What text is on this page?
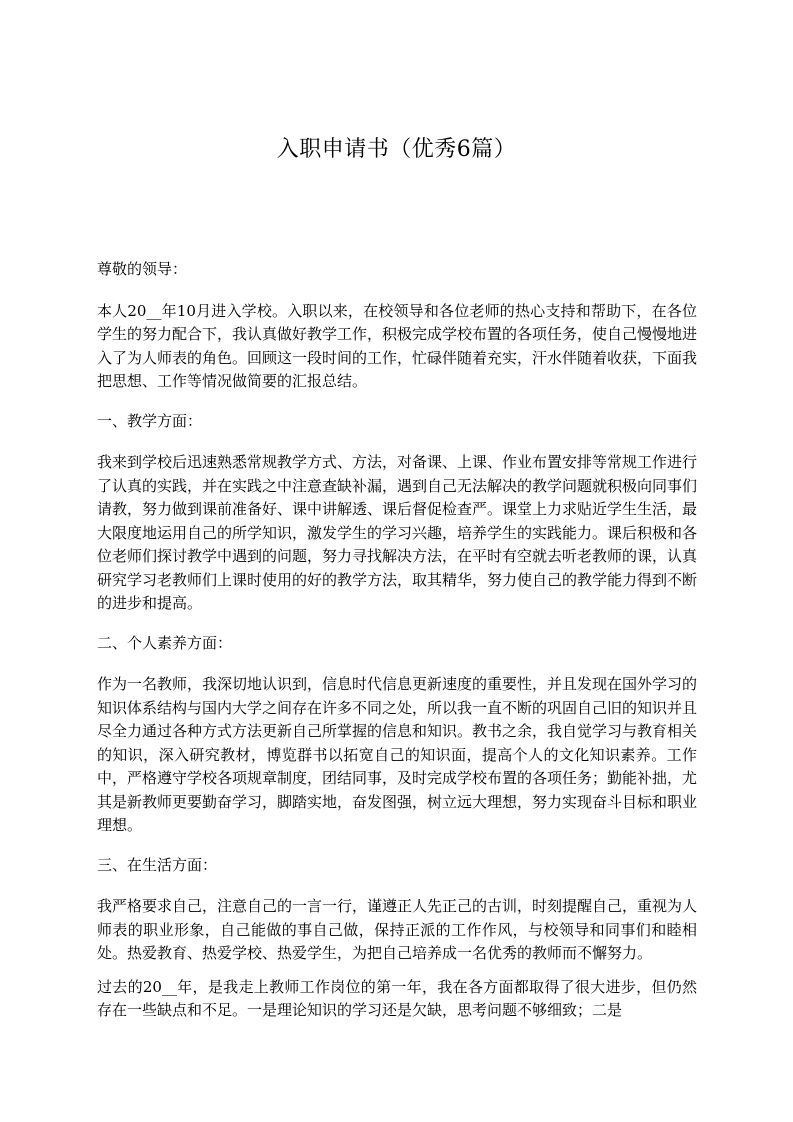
入职申请书（优秀6篇）

尊敬的领导：

本人20__年10月进入学校。入职以来，在校领导和各位老师的热心支持和帮助下，在各位学生的努力配合下，我认真做好教学工作，积极完成学校布置的各项任务，使自己慢慢地进入了为人师表的角色。回顾这一段时间的工作，忙碌伴随着充实，汗水伴随着收获，下面我把思想、工作等情况做简要的汇报总结。

一、教学方面：

我来到学校后迅速熟悉常规教学方式、方法，对备课、上课、作业布置安排等常规工作进行了认真的实践，并在实践之中注意查缺补漏，遇到自己无法解决的教学问题就积极向同事们请教，努力做到课前准备好、课中讲解透、课后督促检查严。课堂上力求贴近学生生活，最大限度地运用自己的所学知识，激发学生的学习兴趣，培养学生的实践能力。课后积极和各位老师们探讨教学中遇到的问题，努力寻找解决方法，在平时有空就去听老教师的课，认真研究学习老教师们上课时使用的好的教学方法，取其精华，努力使自己的教学能力得到不断的进步和提高。

二、个人素养方面：

作为一名教师，我深切地认识到，信息时代信息更新速度的重要性，并且发现在国外学习的知识体系结构与国内大学之间存在许多不同之处，所以我一直不断的巩固自己旧的知识并且尽全力通过各种方式方法更新自己所掌握的信息和知识。教书之余，我自觉学习与教育相关的知识，深入研究教材，博览群书以拓宽自己的知识面，提高个人的文化知识素养。工作中，严格遵守学校各项规章制度，团结同事，及时完成学校布置的各项任务；勤能补拙，尤其是新教师更要勤奋学习，脚踏实地，奋发图强，树立远大理想，努力实现奋斗目标和职业理想。

三、在生活方面：

我严格要求自己，注意自己的一言一行，谨遵正人先正己的古训，时刻提醒自己，重视为人师表的职业形象，自己能做的事自己做，保持正派的工作作风，与校领导和同事们和睦相处。热爱教育、热爱学校、热爱学生，为把自己培养成一名优秀的教师而不懈努力。

过去的20__年，是我走上教师工作岗位的第一年，我在各方面都取得了很大进步，但仍然存在一些缺点和不足。一是理论知识的学习还是欠缺，思考问题不够细致；二是
